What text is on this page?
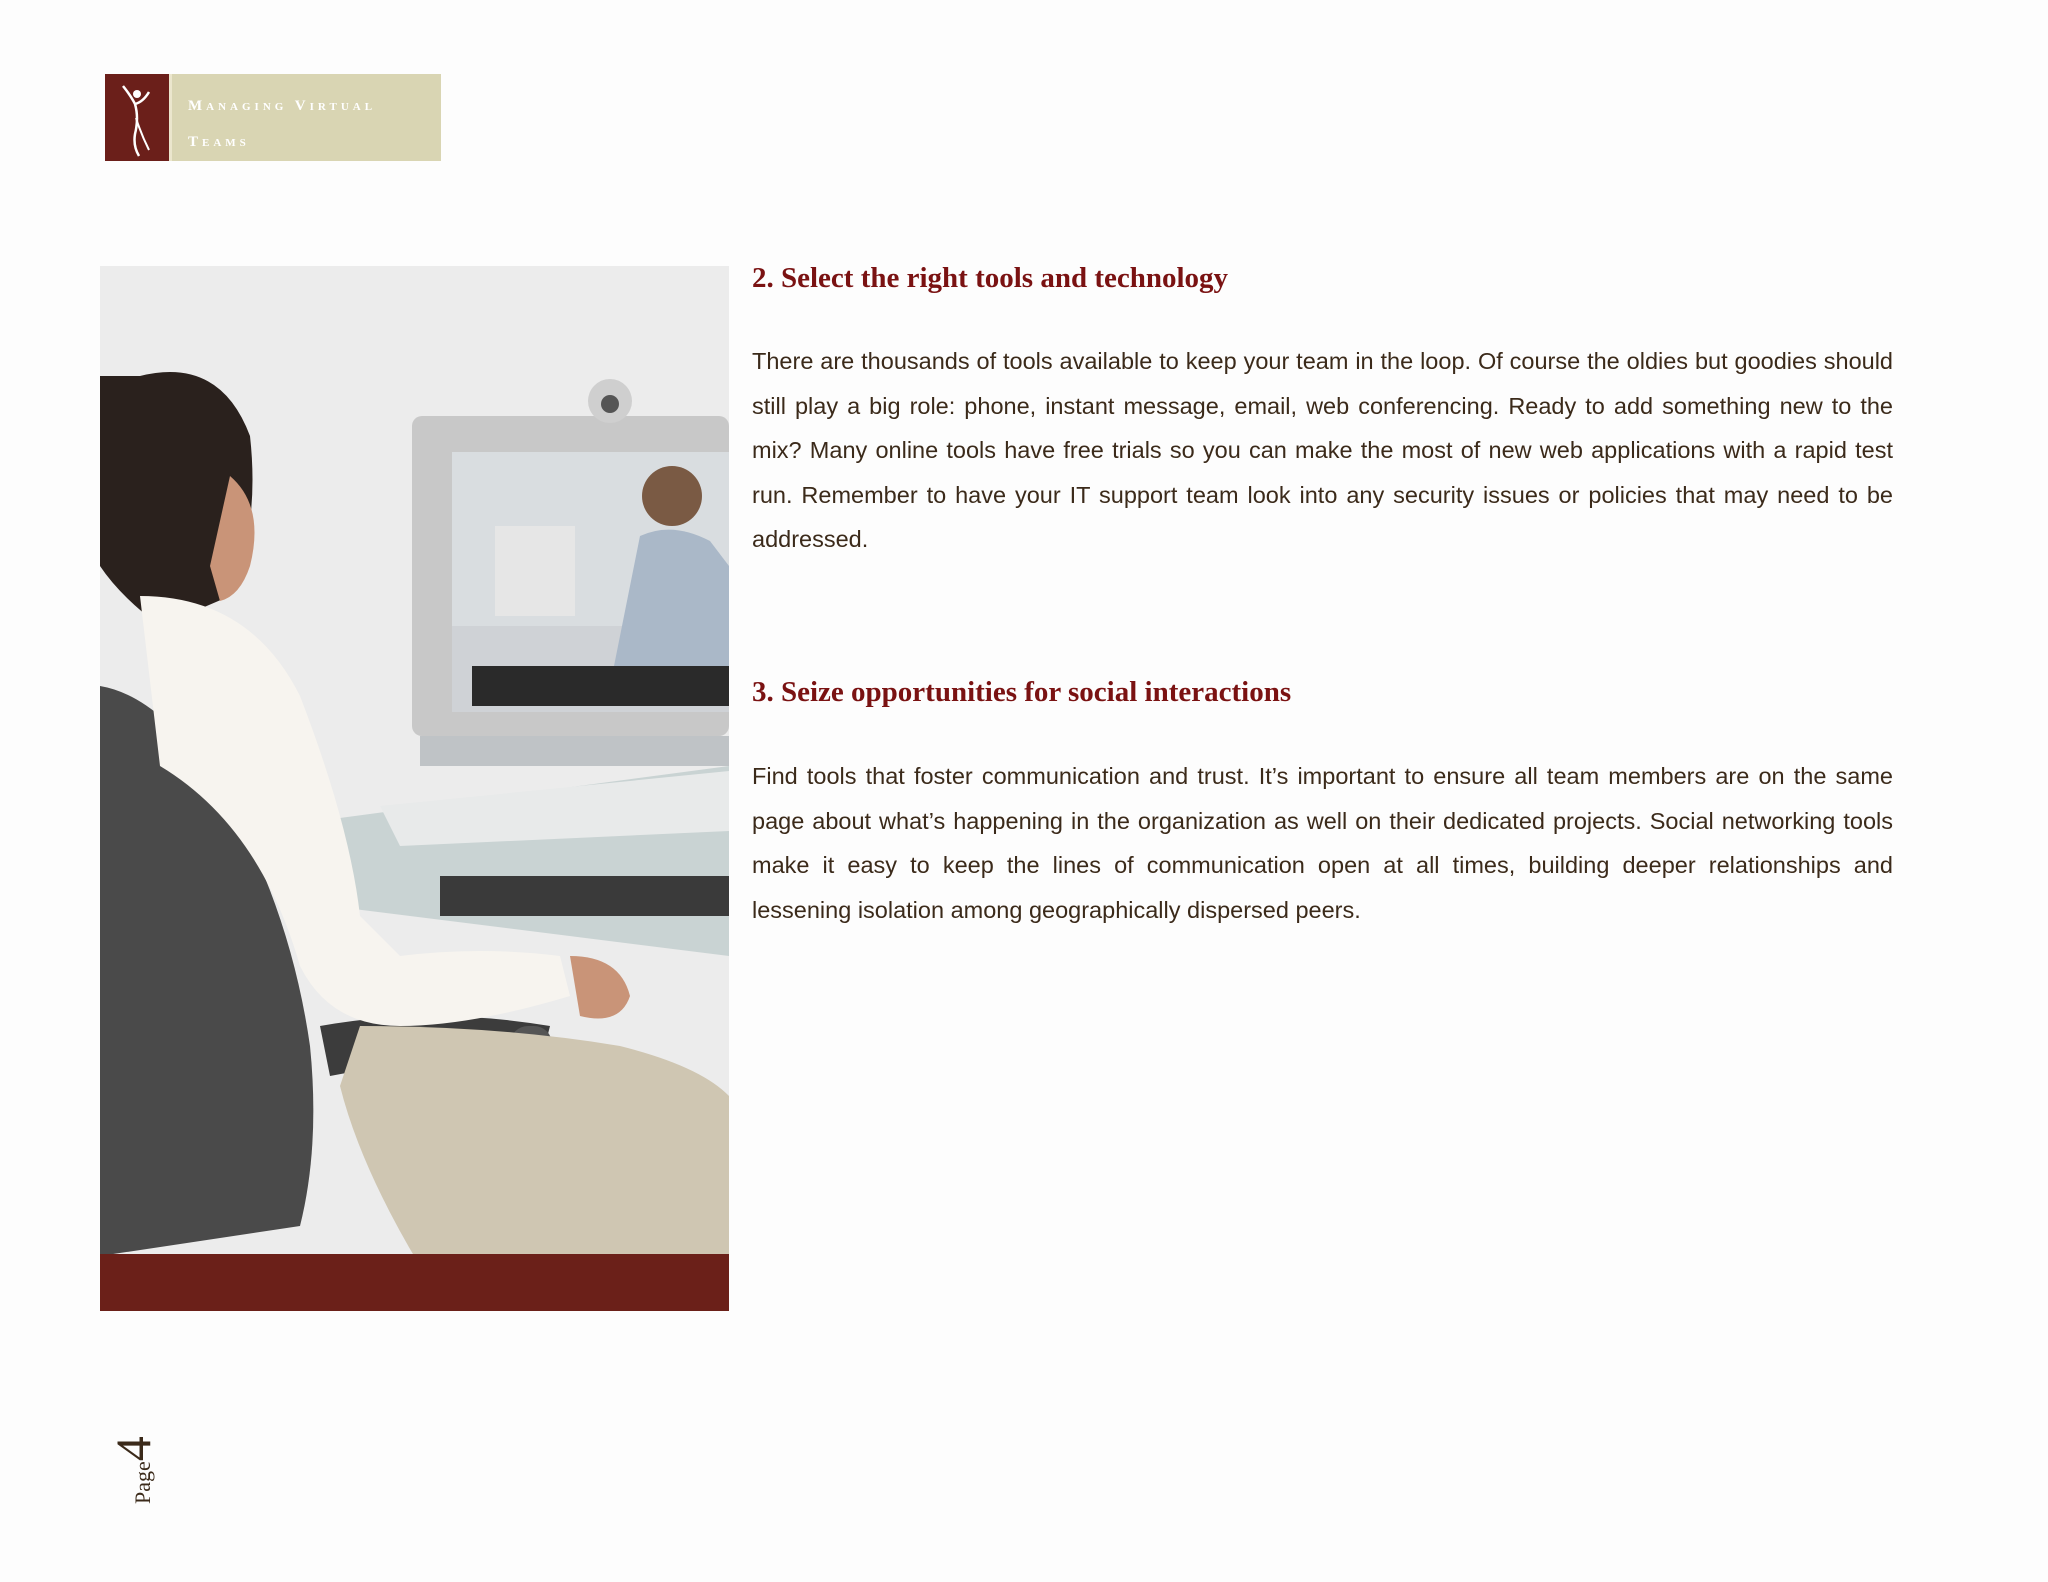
Managing Virtual
Teams
2. Select the right tools and technology

There are thousands of tools available to keep your team in the loop. Of course the oldies but goodies should still play a big role: phone, instant message, email, web conferencing. Ready to add something new to the mix? Many online tools have free trials so you can make the most of new web applications with a rapid test run. Remember to have your IT support team look into any security issues or policies that may need to be addressed.

3. Seize opportunities for social interactions

Find tools that foster communication and trust. It’s important to ensure all team members are on the same page about what’s happening in the organization as well on their dedicated projects. Social networking tools make it easy to keep the lines of communication open at all times, building deeper relationships and lessening isolation among geographically dispersed peers.

Page4
